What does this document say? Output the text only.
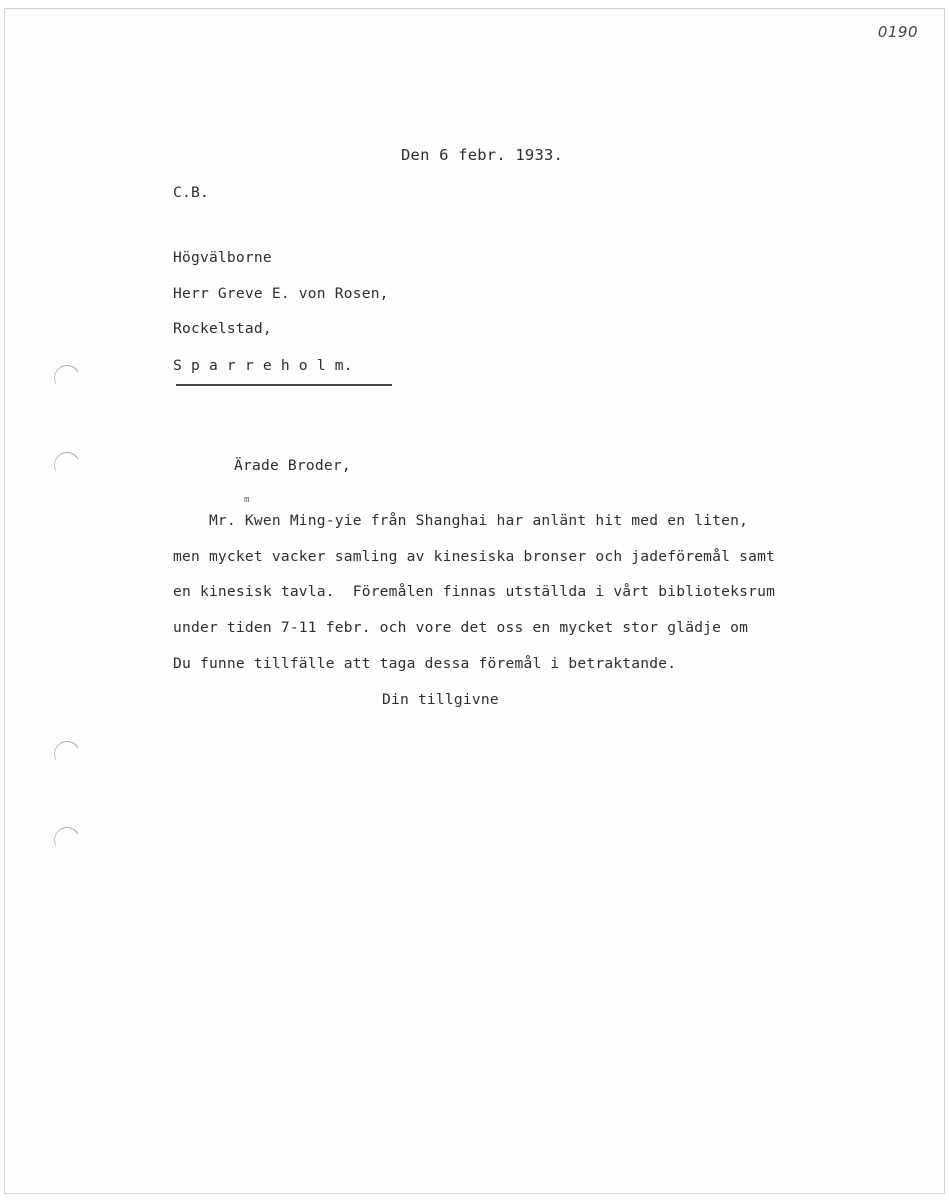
0190
Den 6 febr. 1933.
C.B.
Högvälborne
Herr Greve E. von Rosen,
Rockelstad,
S p a r r e h o l m.
Ärade Broder,
m
Mr. Kwen Ming-yie från Shanghai har anlänt hit med en liten,
men mycket vacker samling av kinesiska bronser och jadeföremål samt
en kinesisk tavla.  Föremålen finnas utställda i vårt biblioteksrum
under tiden 7-11 febr. och vore det oss en mycket stor glädje om
Du funne tillfälle att taga dessa föremål i betraktande.
Din tillgivne
